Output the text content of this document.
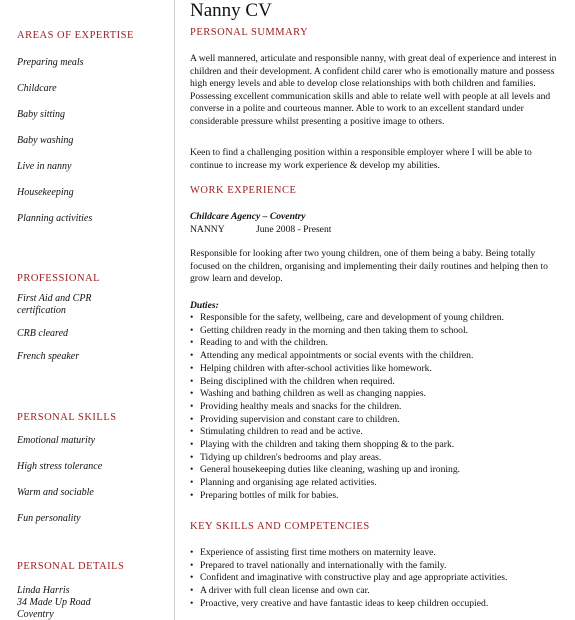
AREAS OF EXPERTISE
Preparing meals
Childcare
Baby sitting
Baby washing
Live in nanny
Housekeeping
Planning activities
PROFESSIONAL
First Aid and CPR certification
CRB cleared
French speaker
PERSONAL SKILLS
Emotional maturity
High stress tolerance
Warm and sociable
Fun personality
PERSONAL DETAILS
Linda Harris
34 Made Up Road
Coventry
Nanny CV
PERSONAL SUMMARY
A well mannered, articulate and responsible nanny, with great deal of experience and interest in children and their development. A confident child carer who is emotionally mature and possess high energy levels and able to develop close relationships with both children and families. Possessing excellent communication skills and able to relate well with people at all levels and converse in a polite and courteous manner. Able to work to an excellent standard under considerable pressure whilst presenting a positive image to others.
Keen to find a challenging position within a responsible employer where I will be able to continue to increase my work experience & develop my abilities.
WORK EXPERIENCE
Childcare Agency – Coventry
NANNY	June 2008 - Present
Responsible for looking after two young children, one of them being a baby. Being totally focused on the children, organising and implementing their daily routines and helping then to grow learn and develop.
Duties:
• Responsible for the safety, wellbeing, care and development of young children.
• Getting children ready in the morning and then taking them to school.
• Reading to and with the children.
• Attending any medical appointments or social events with the children.
• Helping children with after-school activities like homework.
• Being disciplined with the children when required.
• Washing and bathing children as well as changing nappies.
• Providing healthy meals and snacks for the children.
• Providing supervision and constant care to children.
• Stimulating children to read and be active.
• Playing with the children and taking them shopping & to the park.
• Tidying up children's bedrooms and play areas.
• General housekeeping duties like cleaning, washing up and ironing.
• Planning and organising age related activities.
• Preparing bottles of milk for babies.
KEY SKILLS AND COMPETENCIES
• Experience of assisting first time mothers on maternity leave.
• Prepared to travel nationally and internationally with the family.
• Confident and imaginative with constructive play and age appropriate activities.
• A driver with full clean license and own car.
• Proactive, very creative and have fantastic ideas to keep children occupied.
